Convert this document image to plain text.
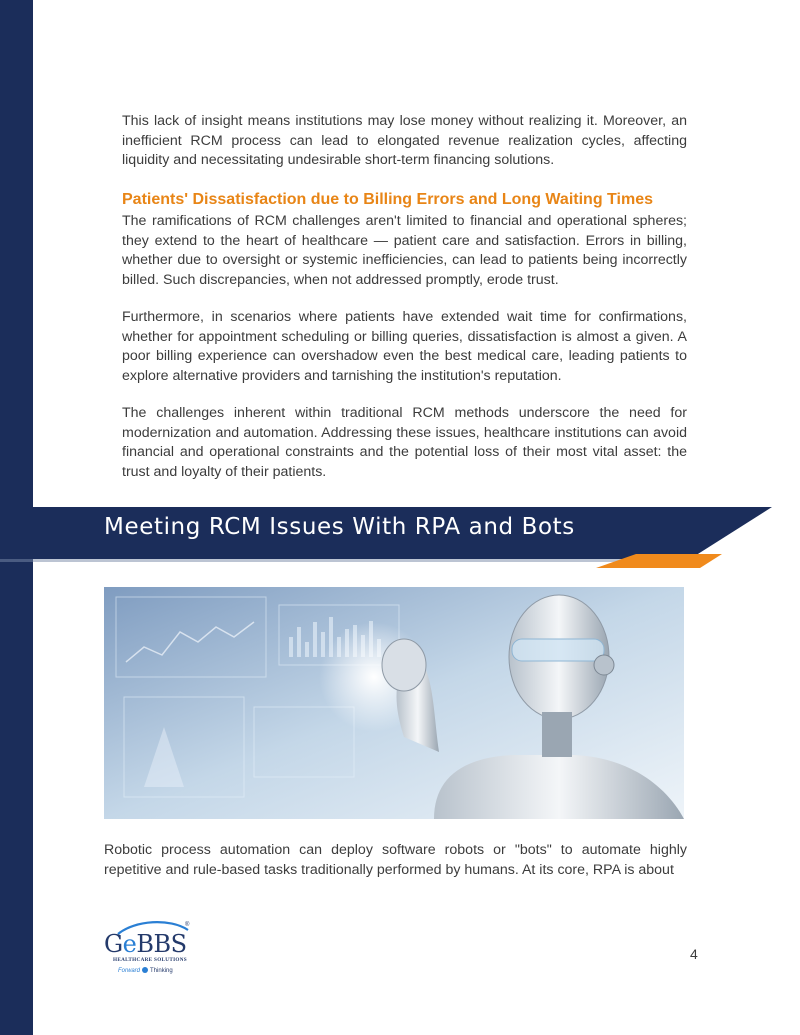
This lack of insight means institutions may lose money without realizing it. Moreover, an inefficient RCM process can lead to elongated revenue realization cycles, affecting liquidity and necessitating undesirable short-term financing solutions.

Patients' Dissatisfaction due to Billing Errors and Long Waiting Times

The ramifications of RCM challenges aren't limited to financial and operational spheres; they extend to the heart of healthcare — patient care and satisfaction. Errors in billing, whether due to oversight or systemic inefficiencies, can lead to patients being incorrectly billed. Such discrepancies, when not addressed promptly, erode trust.

Furthermore, in scenarios where patients have extended wait time for confirmations, whether for appointment scheduling or billing queries, dissatisfaction is almost a given. A poor billing experience can overshadow even the best medical care, leading patients to explore alternative providers and tarnishing the institution's reputation.

The challenges inherent within traditional RCM methods underscore the need for modernization and automation. Addressing these issues, healthcare institutions can avoid financial and operational constraints and the potential loss of their most vital asset: the trust and loyalty of their patients.

Meeting RCM Issues With RPA and Bots

Robotic process automation can deploy software robots or "bots" to automate highly repetitive and rule-based tasks traditionally performed by humans. At its core, RPA is about

®
GeBBS
HEALTHCARE SOLUTIONS
Forward Thinking
4
